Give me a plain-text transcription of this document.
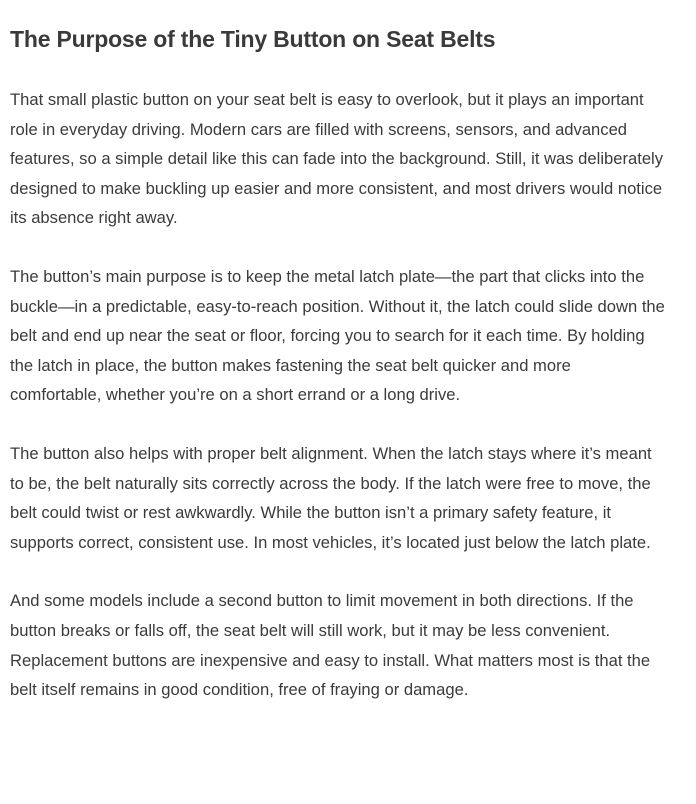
The Purpose of the Tiny Button on Seat Belts

That small plastic button on your seat belt is easy to overlook, but it plays an important role in everyday driving. Modern cars are filled with screens, sensors, and advanced features, so a simple detail like this can fade into the background. Still, it was deliberately designed to make buckling up easier and more consistent, and most drivers would notice its absence right away.

The button’s main purpose is to keep the metal latch plate—the part that clicks into the buckle—in a predictable, easy-to-reach position. Without it, the latch could slide down the belt and end up near the seat or floor, forcing you to search for it each time. By holding the latch in place, the button makes fastening the seat belt quicker and more comfortable, whether you’re on a short errand or a long drive.

The button also helps with proper belt alignment. When the latch stays where it’s meant to be, the belt naturally sits correctly across the body. If the latch were free to move, the belt could twist or rest awkwardly. While the button isn’t a primary safety feature, it supports correct, consistent use. In most vehicles, it’s located just below the latch plate.

And some models include a second button to limit movement in both directions. If the button breaks or falls off, the seat belt will still work, but it may be less convenient. Replacement buttons are inexpensive and easy to install. What matters most is that the belt itself remains in good condition, free of fraying or damage.
